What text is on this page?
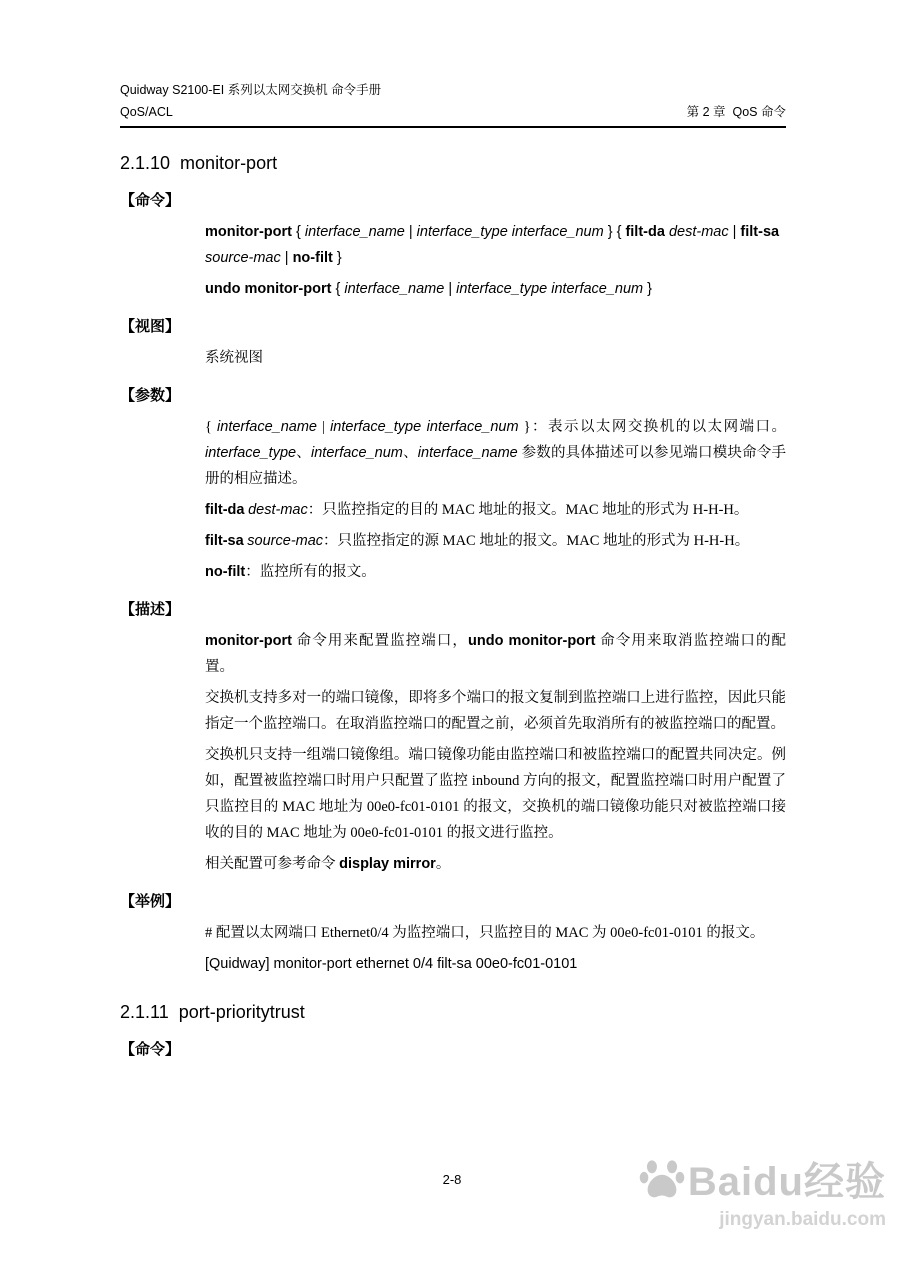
Quidway S2100-EI 系列以太网交换机 命令手册
QoS/ACL	第 2 章  QoS 命令
2.1.10  monitor-port
【命令】

monitor-port { interface_name | interface_type interface_num } { filt-da dest-mac | filt-sa source-mac | no-filt }

undo monitor-port { interface_name | interface_type interface_num }

【视图】

系统视图

【参数】

{ interface_name | interface_type interface_num }：表示以太网交换机的以太网端口。interface_type、interface_num、interface_name 参数的具体描述可以参见端口模块命令手册的相应描述。

filt-da dest-mac：只监控指定的目的 MAC 地址的报文。MAC 地址的形式为 H-H-H。

filt-sa source-mac：只监控指定的源 MAC 地址的报文。MAC 地址的形式为 H-H-H。

no-filt：监控所有的报文。

【描述】

monitor-port 命令用来配置监控端口，undo monitor-port 命令用来取消监控端口的配置。

交换机支持多对一的端口镜像，即将多个端口的报文复制到监控端口上进行监控，因此只能指定一个监控端口。在取消监控端口的配置之前，必须首先取消所有的被监控端口的配置。

交换机只支持一组端口镜像组。端口镜像功能由监控端口和被监控端口的配置共同决定。例如，配置被监控端口时用户只配置了监控 inbound 方向的报文，配置监控端口时用户配置了只监控目的 MAC 地址为 00e0-fc01-0101 的报文，交换机的端口镜像功能只对被监控端口接收的目的 MAC 地址为 00e0-fc01-0101 的报文进行监控。

相关配置可参考命令 display mirror。

【举例】

# 配置以太网端口 Ethernet0/4 为监控端口，只监控目的 MAC 为 00e0-fc01-0101 的报文。

[Quidway] monitor-port ethernet 0/4 filt-sa 00e0-fc01-0101

2.1.11  port-prioritytrust
【命令】
2-8	Baidu经验
jingyan.baidu.com
